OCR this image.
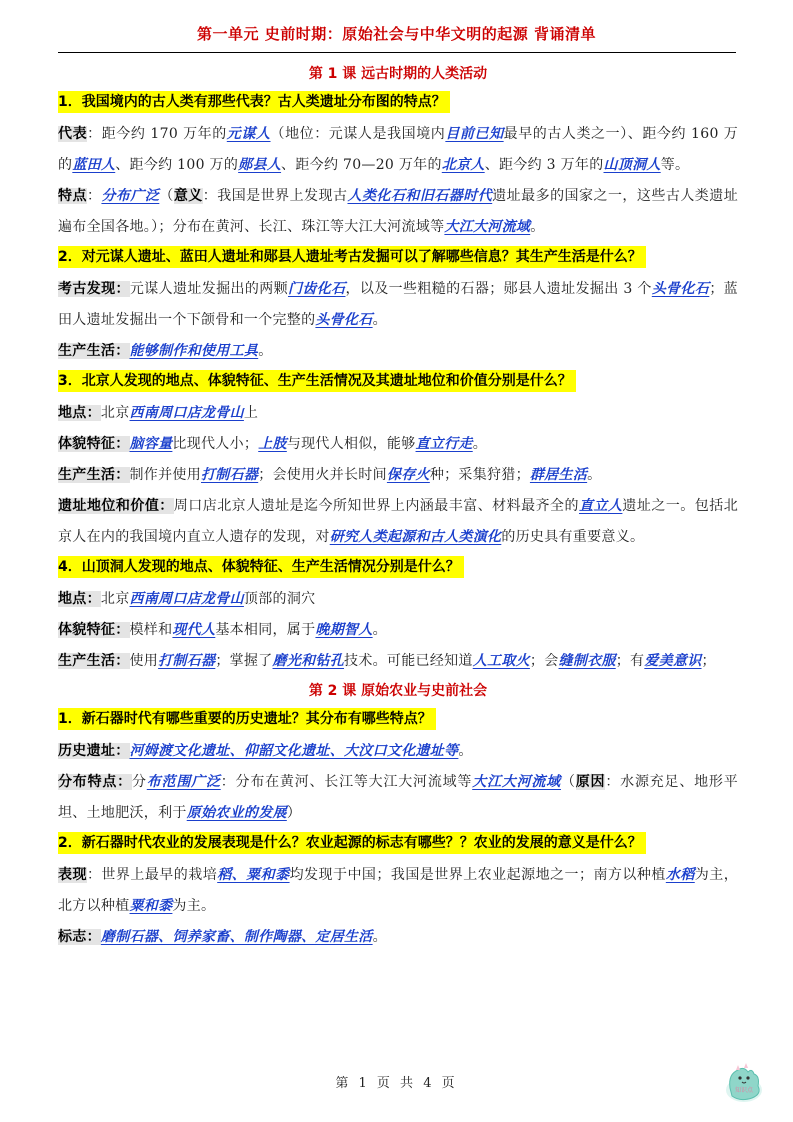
第一单元 史前时期：原始社会与中华文明的起源 背诵清单
第 1 课 远古时期的人类活动
1．我国境内的古人类有那些代表？古人类遗址分布图的特点？

代表：距今约 170 万年的元谋人（地位：元谋人是我国境内目前已知最早的古人类之一）、距今约 160 万的蓝田人、距今约 100 万的郧县人、距今约 70—20 万年的北京人、距今约 3 万年的山顶洞人等。

特点：分布广泛（意义：我国是世界上发现古人类化石和旧石器时代遗址最多的国家之一，这些古人类遗址遍布全国各地。）；分布在黄河、长江、珠江等大江大河流域等大江大河流域。

2．对元谋人遗址、蓝田人遗址和郧县人遗址考古发掘可以了解哪些信息？其生产生活是什么？

考古发现：元谋人遗址发掘出的两颗门齿化石，以及一些粗糙的石器；郧县人遗址发掘出 3 个头骨化石；蓝田人遗址发掘出一个下颌骨和一个完整的头骨化石。

生产生活：能够制作和使用工具。

3．北京人发现的地点、体貌特征、生产生活情况及其遗址地位和价值分别是什么？

地点：北京西南周口店龙骨山上

体貌特征：脑容量比现代人小；上肢与现代人相似，能够直立行走。

生产生活：制作并使用打制石器；会使用火并长时间保存火种；采集狩猎；群居生活。

遗址地位和价值：周口店北京人遗址是迄今所知世界上内涵最丰富、材料最齐全的直立人遗址之一。包括北京人在内的我国境内直立人遗存的发现，对研究人类起源和古人类演化的历史具有重要意义。

4．山顶洞人发现的地点、体貌特征、生产生活情况分别是什么？

地点：北京西南周口店龙骨山顶部的洞穴

体貌特征：模样和现代人基本相同，属于晚期智人。

生产生活：使用打制石器；掌握了磨光和钻孔技术。可能已经知道人工取火；会缝制衣服；有爱美意识；

第 2 课 原始农业与史前社会
1．新石器时代有哪些重要的历史遗址？其分布有哪些特点？

历史遗址：河姆渡文化遗址、仰韶文化遗址、大汶口文化遗址等。

分布特点：分布范围广泛：分布在黄河、长江等大江大河流域等大江大河流域（原因：水源充足、地形平坦、土地肥沃，利于原始农业的发展）

2．新石器时代农业的发展表现是什么？农业起源的标志有哪些？？农业的发展的意义是什么？

表现：世界上最早的栽培稻、粟和黍均发现于中国；我国是世界上农业起源地之一；南方以种植水稻为主，北方以种植粟和黍为主。

标志：磨制石器、饲养家畜、制作陶器、定居生活。

第 1 页 共 4 页	知识点
